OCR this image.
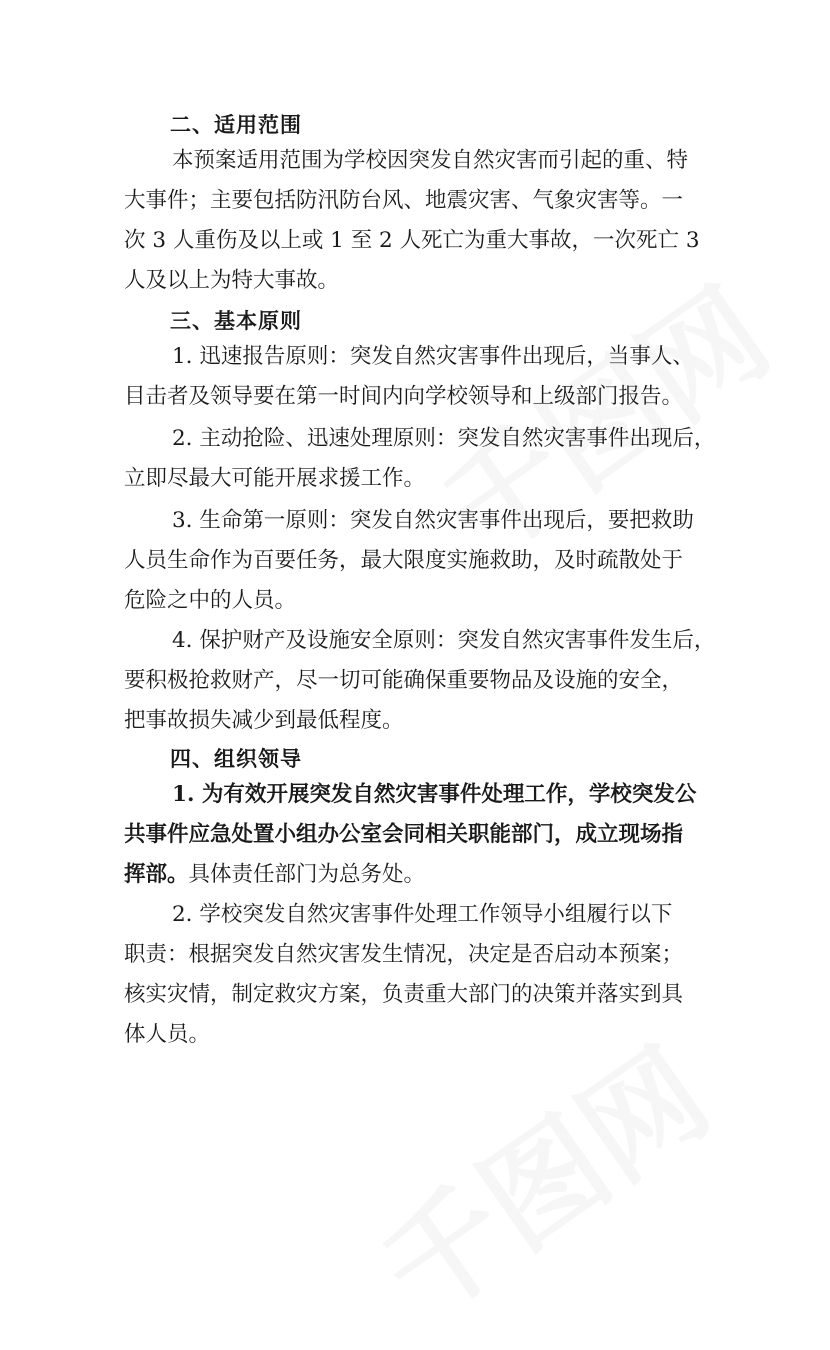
二、适用范围
本预案适用范围为学校因突发自然灾害而引起的重、特
大事件；主要包括防汛防台风、地震灾害、气象灾害等。一
次 3 人重伤及以上或 1 至 2 人死亡为重大事故，一次死亡 3
人及以上为特大事故。
三、基本原则
1. 迅速报告原则：突发自然灾害事件出现后，当事人、
目击者及领导要在第一时间内向学校领导和上级部门报告。
2. 主动抢险、迅速处理原则：突发自然灾害事件出现后，
立即尽最大可能开展求援工作。
3. 生命第一原则：突发自然灾害事件出现后，要把救助
人员生命作为百要任务，最大限度实施救助，及时疏散处于
危险之中的人员。
4. 保护财产及设施安全原则：突发自然灾害事件发生后，
要积极抢救财产，尽一切可能确保重要物品及设施的安全，
把事故损失减少到最低程度。
四、组织领导
1. 为有效开展突发自然灾害事件处理工作，学校突发公
共事件应急处置小组办公室会同相关职能部门，成立现场指
挥部。具体责任部门为总务处。
2. 学校突发自然灾害事件处理工作领导小组履行以下
职责：根据突发自然灾害发生情况，决定是否启动本预案；
核实灾情，制定救灾方案，负责重大部门的决策并落实到具
体人员。
